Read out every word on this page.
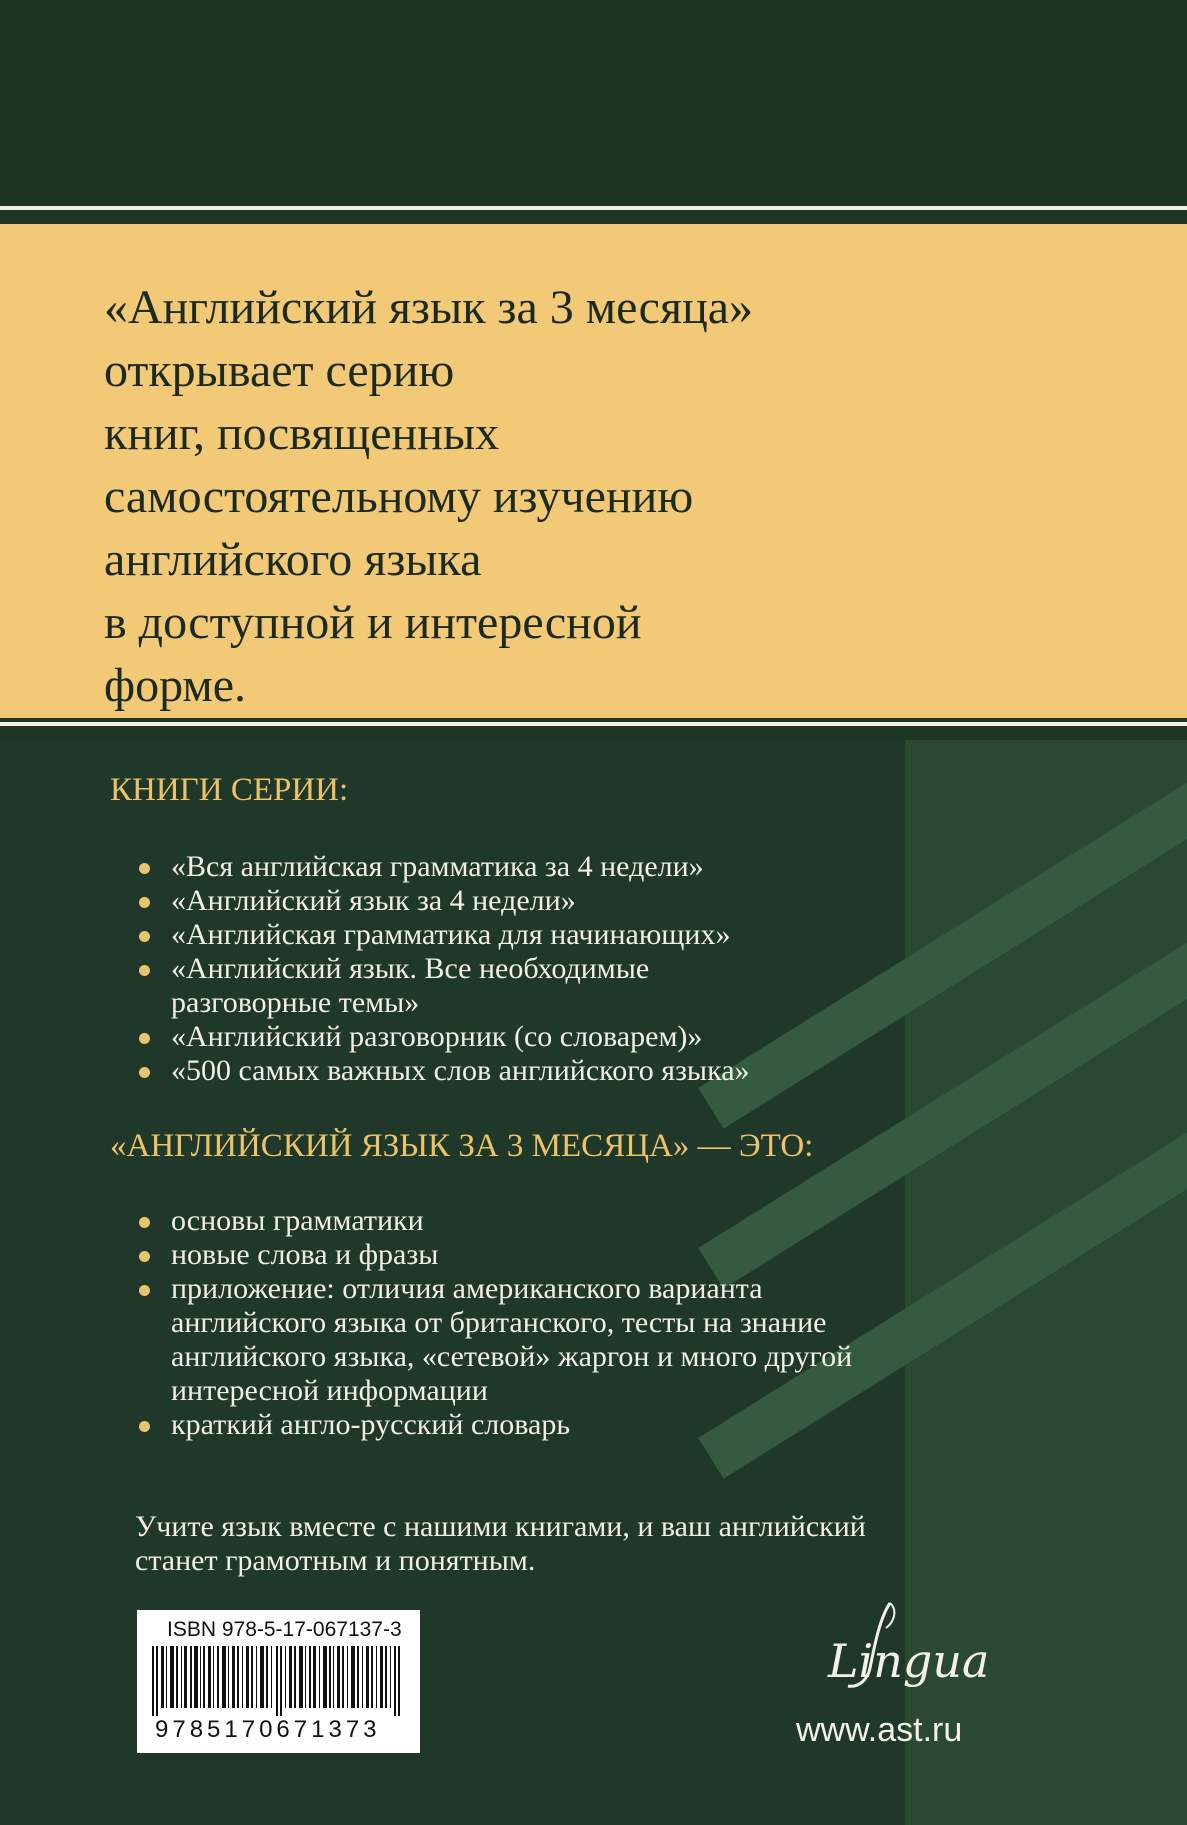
«Английский язык за 3 месяца»
открывает серию
книг, посвященных
самостоятельному изучению
английского языка
в доступной и интересной
форме.
КНИГИ СЕРИИ:
«Вся английская грамматика за 4 недели»
«Английский язык за 4 недели»
«Английская грамматика для начинающих»
«Английский язык. Все необходимые разговорные темы»
«Английский разговорник (со словарем)»
«500 самых важных слов английского языка»
«АНГЛИЙСКИЙ ЯЗЫК ЗА 3 МЕСЯЦА» — ЭТО:
основы грамматики
новые слова и фразы
приложение: отличия американского варианта английского языка от британского, тесты на знание английского языка, «сетевой» жаргон и много другой интересной информации
краткий англо-русский словарь
Учите язык вместе с нашими книгами, и ваш английский станет грамотным и понятным.
ISBN 978-5-17-067137-3
9785170671373
Lingua
www.ast.ru
